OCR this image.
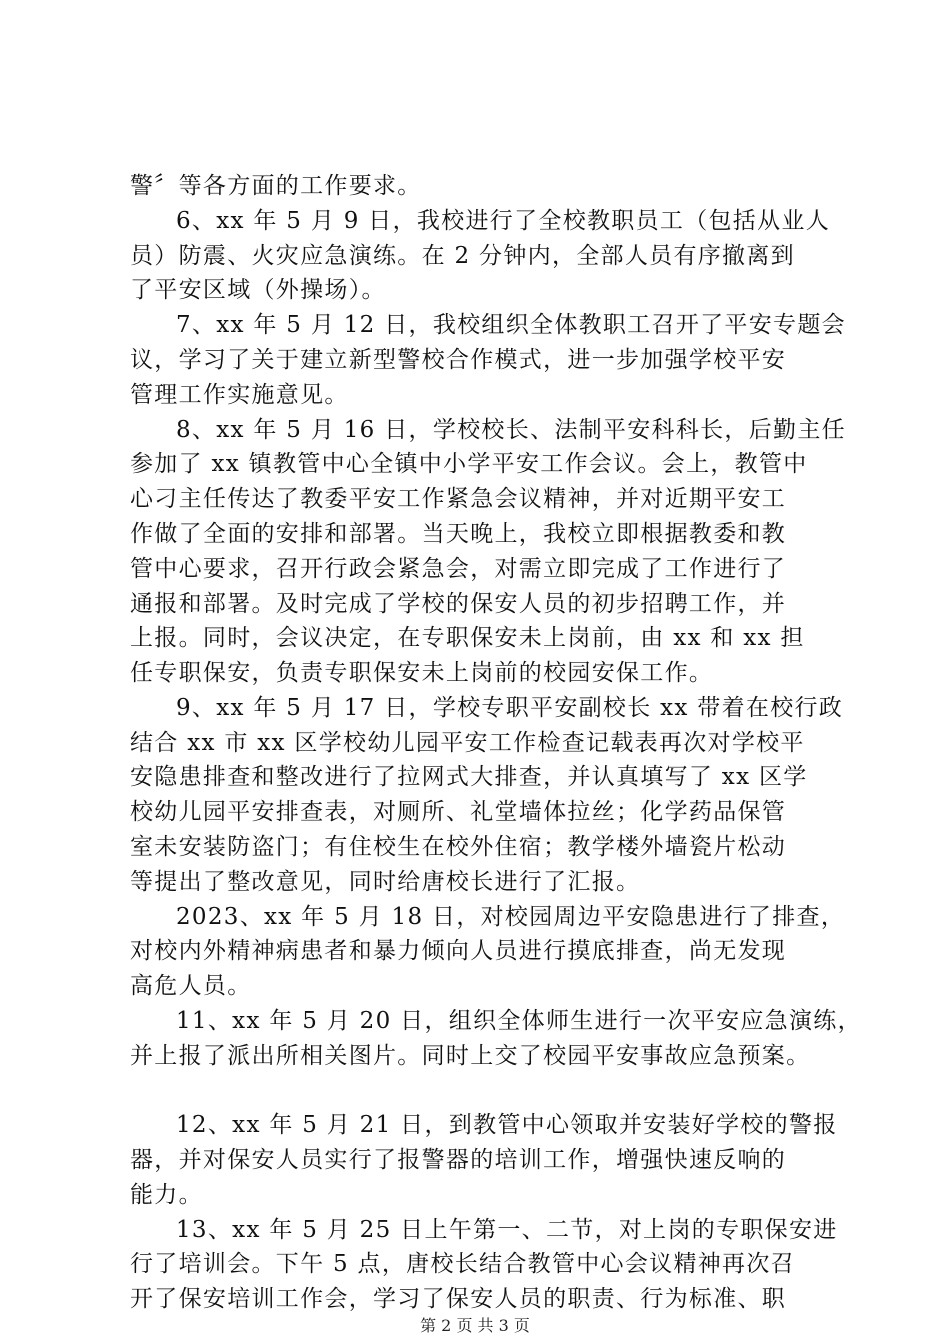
警〞等各方面的工作要求。
6、xx 年 5 月 9 日，我校进行了全校教职员工（包括从业人
员）防震、火灾应急演练。在 2 分钟内，全部人员有序撤离到
了平安区域（外操场）。
7、xx 年 5 月 12 日，我校组织全体教职工召开了平安专题会
议，学习了关于建立新型警校合作模式，进一步加强学校平安
管理工作实施意见。
8、xx 年 5 月 16 日，学校校长、法制平安科科长，后勤主任
参加了 xx 镇教管中心全镇中小学平安工作会议。会上，教管中
心刁主任传达了教委平安工作紧急会议精神，并对近期平安工
作做了全面的安排和部署。当天晚上，我校立即根据教委和教
管中心要求，召开行政会紧急会，对需立即完成了工作进行了
通报和部署。及时完成了学校的保安人员的初步招聘工作，并
上报。同时，会议决定，在专职保安未上岗前，由 xx 和 xx 担
任专职保安，负责专职保安未上岗前的校园安保工作。
9、xx 年 5 月 17 日，学校专职平安副校长 xx 带着在校行政
结合 xx 市 xx 区学校幼儿园平安工作检查记载表再次对学校平
安隐患排查和整改进行了拉网式大排查，并认真填写了 xx 区学
校幼儿园平安排查表，对厕所、礼堂墙体拉丝；化学药品保管
室未安装防盗门；有住校生在校外住宿；教学楼外墙瓷片松动
等提出了整改意见，同时给唐校长进行了汇报。
2023、xx 年 5 月 18 日，对校园周边平安隐患进行了排查，
对校内外精神病患者和暴力倾向人员进行摸底排查，尚无发现
高危人员。
11、xx 年 5 月 20 日，组织全体师生进行一次平安应急演练，
并上报了派出所相关图片。同时上交了校园平安事故应急预案。
12、xx 年 5 月 21 日，到教管中心领取并安装好学校的警报
器，并对保安人员实行了报警器的培训工作，增强快速反响的
能力。
13、xx 年 5 月 25 日上午第一、二节，对上岗的专职保安进
行了培训会。下午 5 点，唐校长结合教管中心会议精神再次召
开了保安培训工作会，学习了保安人员的职责、行为标准、职
第 2 页 共 3 页
